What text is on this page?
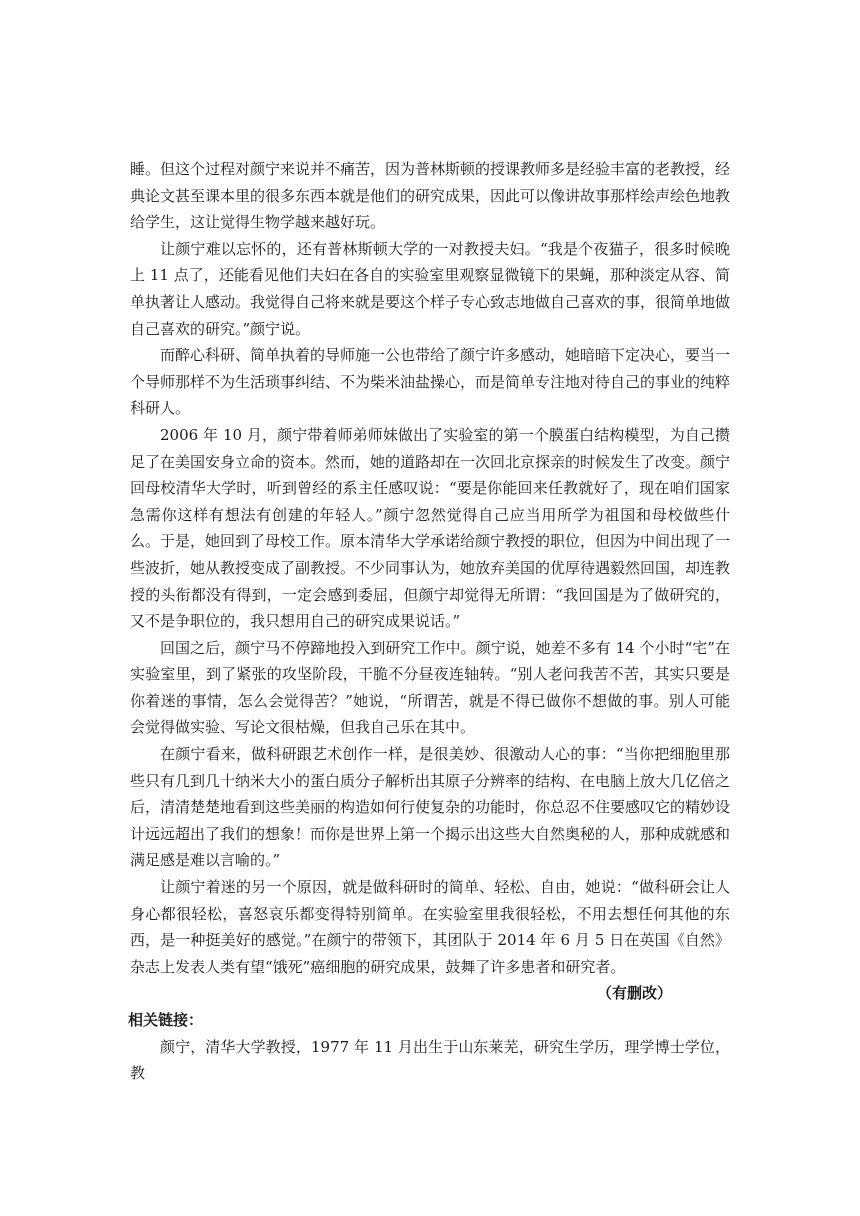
睡。但这个过程对颜宁来说并不痛苦，因为普林斯顿的授课教师多是经验丰富的老教授，经典论文甚至课本里的很多东西本就是他们的研究成果，因此可以像讲故事那样绘声绘色地教给学生，这让觉得生物学越来越好玩。

让颜宁难以忘怀的，还有普林斯顿大学的一对教授夫妇。“我是个夜猫子，很多时候晚上 11 点了，还能看见他们夫妇在各自的实验室里观察显微镜下的果蝇，那种淡定从容、简单执著让人感动。我觉得自己将来就是要这个样子专心致志地做自己喜欢的事，很简单地做自己喜欢的研究。”颜宁说。

而醉心科研、简单执着的导师施一公也带给了颜宁许多感动，她暗暗下定决心，要当一个导师那样不为生活琐事纠结、不为柴米油盐操心，而是简单专注地对待自己的事业的纯粹科研人。

2006 年 10 月，颜宁带着师弟师妹做出了实验室的第一个膜蛋白结构模型，为自己攒足了在美国安身立命的资本。然而，她的道路却在一次回北京探亲的时候发生了改变。颜宁回母校清华大学时，听到曾经的系主任感叹说：“要是你能回来任教就好了，现在咱们国家急需你这样有想法有创建的年轻人。”颜宁忽然觉得自己应当用所学为祖国和母校做些什么。于是，她回到了母校工作。原本清华大学承诺给颜宁教授的职位，但因为中间出现了一些波折，她从教授变成了副教授。不少同事认为，她放弃美国的优厚待遇毅然回国，却连教授的头衔都没有得到，一定会感到委屈，但颜宁却觉得无所谓：“我回国是为了做研究的，又不是争职位的，我只想用自己的研究成果说话。”

回国之后，颜宁马不停蹄地投入到研究工作中。颜宁说，她差不多有 14 个小时“宅”在实验室里，到了紧张的攻坚阶段，干脆不分昼夜连轴转。“别人老问我苦不苦，其实只要是你着迷的事情，怎么会觉得苦？”她说，“所谓苦，就是不得已做你不想做的事。别人可能会觉得做实验、写论文很枯燥，但我自己乐在其中。

在颜宁看来，做科研跟艺术创作一样，是很美妙、很激动人心的事：“当你把细胞里那些只有几到几十纳米大小的蛋白质分子解析出其原子分辨率的结构、在电脑上放大几亿倍之后，清清楚楚地看到这些美丽的构造如何行使复杂的功能时，你总忍不住要感叹它的精妙设计远远超出了我们的想象！而你是世界上第一个揭示出这些大自然奥秘的人，那种成就感和满足感是难以言喻的。”

让颜宁着迷的另一个原因，就是做科研时的简单、轻松、自由，她说：“做科研会让人身心都很轻松，喜怒哀乐都变得特别简单。在实验室里我很轻松，不用去想任何其他的东西，是一种挺美好的感觉。”在颜宁的带领下，其团队于 2014 年 6 月 5 日在英国《自然》杂志上发表人类有望“饿死”癌细胞的研究成果，鼓舞了许多患者和研究者。

（有删改）

相关链接：

颜宁，清华大学教授，1977 年 11 月出生于山东莱芜，研究生学历，理学博士学位，教
